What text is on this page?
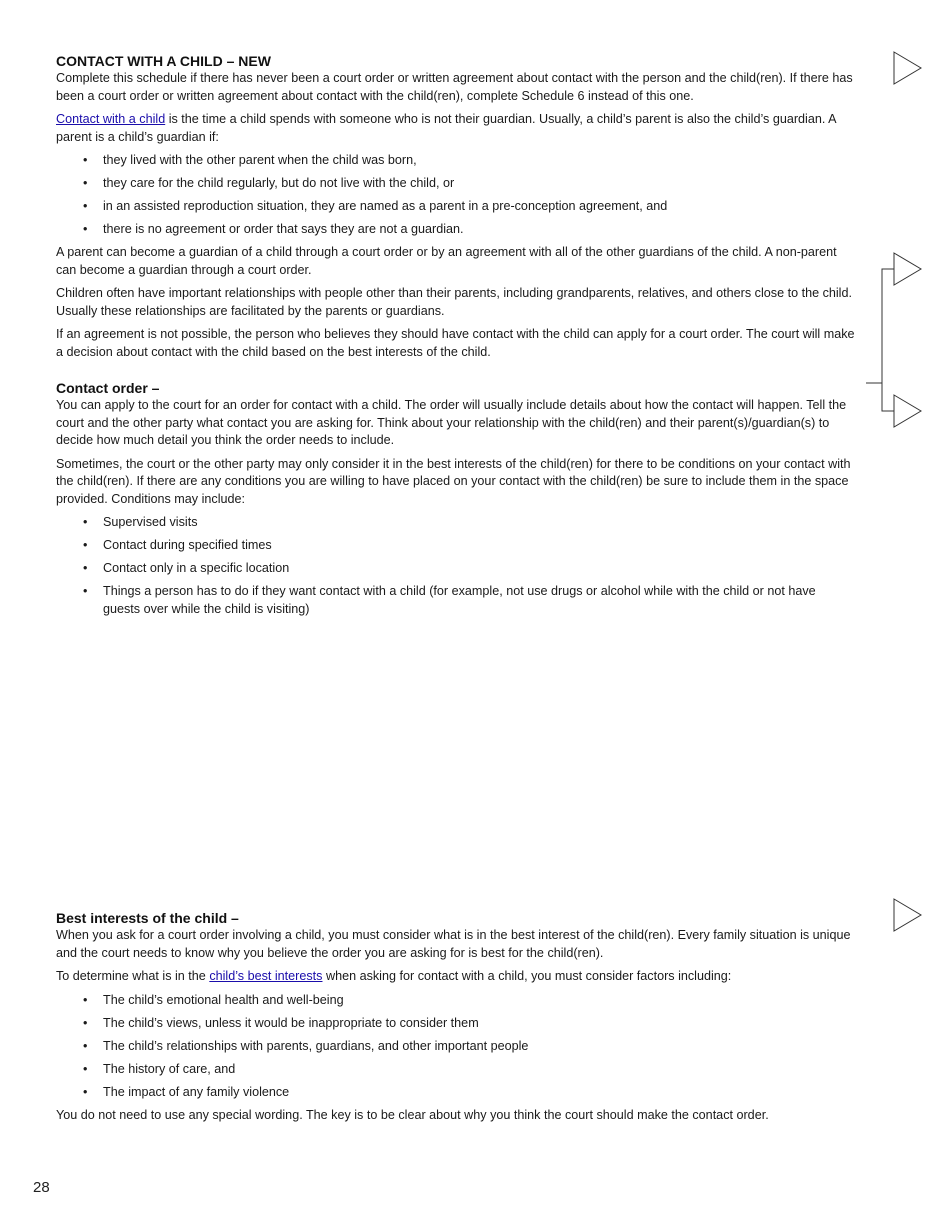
CONTACT WITH A CHILD – NEW

Complete this schedule if there has never been a court order or written agreement about contact with the person and the child(ren). If there has been a court order or written agreement about contact with the child(ren), complete Schedule 6 instead of this one.

Contact with a child is the time a child spends with someone who is not their guardian. Usually, a child’s parent is also the child’s guardian. A parent is a child’s guardian if:

• they lived with the other parent when the child was born,
• they care for the child regularly, but do not live with the child, or
• in an assisted reproduction situation, they are named as a parent in a pre-conception agreement, and
• there is no agreement or order that says they are not a guardian.

A parent can become a guardian of a child through a court order or by an agreement with all of the other guardians of the child. A non-parent can become a guardian through a court order.

Children often have important relationships with people other than their parents, including grandparents, relatives, and others close to the child. Usually these relationships are facilitated by the parents or guardians.

If an agreement is not possible, the person who believes they should have contact with the child can apply for a court order. The court will make a decision about contact with the child based on the best interests of the child.

Contact order –

You can apply to the court for an order for contact with a child. The order will usually include details about how the contact will happen. Tell the court and the other party what contact you are asking for. Think about your relationship with the child(ren) and their parent(s)/guardian(s) to decide how much detail you think the order needs to include.

Sometimes, the court or the other party may only consider it in the best interests of the child(ren) for there to be conditions on your contact with the child(ren). If there are any conditions you are willing to have placed on your contact with the child(ren) be sure to include them in the space provided. Conditions may include:

• Supervised visits
• Contact during specified times
• Contact only in a specific location
• Things a person has to do if they want contact with a child (for example, not use drugs or alcohol while with the child or not have guests over while the child is visiting)
Best interests of the child –

When you ask for a court order involving a child, you must consider what is in the best interest of the child(ren). Every family situation is unique and the court needs to know why you believe the order you are asking for is best for the child(ren).

To determine what is in the child’s best interests when asking for contact with a child, you must consider factors including:

• The child’s emotional health and well-being
• The child’s views, unless it would be inappropriate to consider them
• The child’s relationships with parents, guardians, and other important people
• The history of care, and
• The impact of any family violence

You do not need to use any special wording. The key is to be clear about why you think the court should make the contact order.

28
